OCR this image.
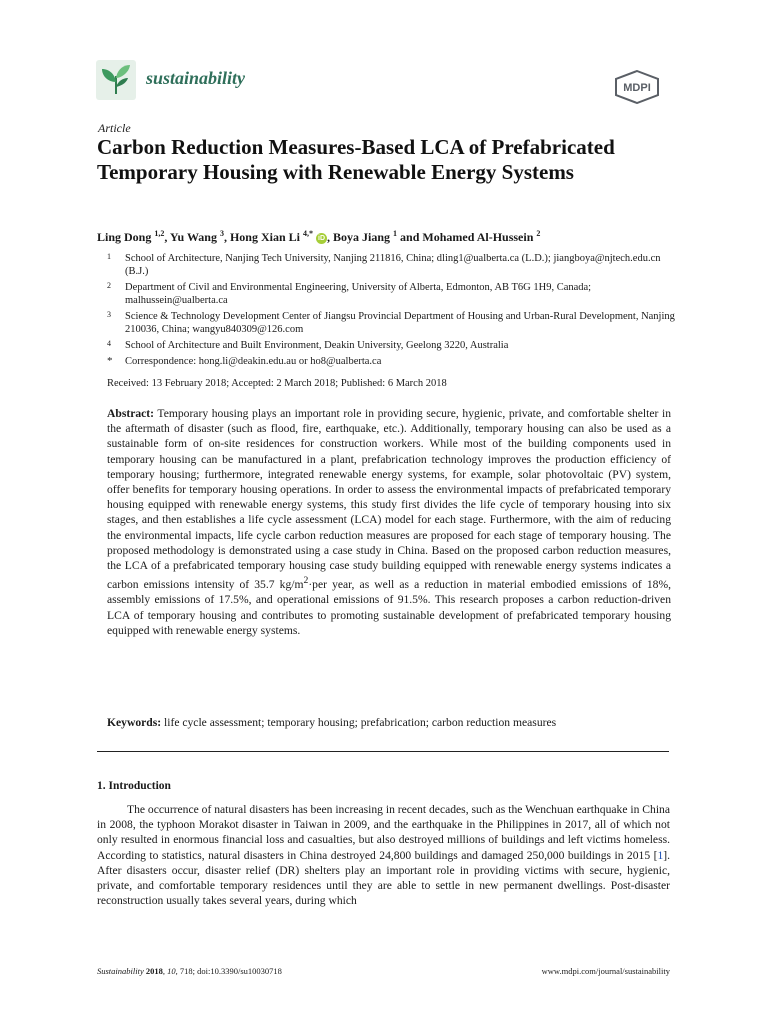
sustainability	MDPI
Article
Carbon Reduction Measures-Based LCA of Prefabricated Temporary Housing with Renewable Energy Systems
Ling Dong $^{1,2}$, Yu Wang $^3$, Hong Xian Li $^{4,*}$ iD , Boya Jiang $^1$ and Mohamed Al-Hussein $^2$
1 School of Architecture, Nanjing Tech University, Nanjing 211816, China; dling1@ualberta.ca (L.D.); jiangboya@njtech.edu.cn (B.J.)
2 Department of Civil and Environmental Engineering, University of Alberta, Edmonton, AB T6G 1H9, Canada; malhussein@ualberta.ca
3 Science & Technology Development Center of Jiangsu Provincial Department of Housing and Urban-Rural Development, Nanjing 210036, China; wangyu840309@126.com
4 School of Architecture and Built Environment, Deakin University, Geelong 3220, Australia
* Correspondence: hong.li@deakin.edu.au or ho8@ualberta.ca
Received: 13 February 2018; Accepted: 2 March 2018; Published: 6 March 2018
Abstract: Temporary housing plays an important role in providing secure, hygienic, private, and comfortable shelter in the aftermath of disaster (such as flood, fire, earthquake, etc.). Additionally, temporary housing can also be used as a sustainable form of on-site residences for construction workers. While most of the building components used in temporary housing can be manufactured in a plant, prefabrication technology improves the production efficiency of temporary housing; furthermore, integrated renewable energy systems, for example, solar photovoltaic (PV) system, offer benefits for temporary housing operations. In order to assess the environmental impacts of prefabricated temporary housing equipped with renewable energy systems, this study first divides the life cycle of temporary housing into six stages, and then establishes a life cycle assessment (LCA) model for each stage. Furthermore, with the aim of reducing the environmental impacts, life cycle carbon reduction measures are proposed for each stage of temporary housing. The proposed methodology is demonstrated using a case study in China. Based on the proposed carbon reduction measures, the LCA of a prefabricated temporary housing case study building equipped with renewable energy systems indicates a carbon emissions intensity of 35.7 $kg/m^2\cdot per$ year, as well as a reduction in material embodied emissions of 18%, assembly emissions of 17.5%, and operational emissions of 91.5%. This research proposes a carbon reduction-driven LCA of temporary housing and contributes to promoting sustainable development of prefabricated temporary housing equipped with renewable energy systems.
Keywords: life cycle assessment; temporary housing; prefabrication; carbon reduction measures
1. Introduction
The occurrence of natural disasters has been increasing in recent decades, such as the Wenchuan earthquake in China in 2008, the typhoon Morakot disaster in Taiwan in 2009, and the earthquake in the Philippines in 2017, all of which not only resulted in enormous financial loss and casualties, but also destroyed millions of buildings and left victims homeless. According to statistics, natural disasters in China destroyed 24,800 buildings and damaged 250,000 buildings in 2015 [1]. After disasters occur, disaster relief (DR) shelters play an important role in providing victims with secure, hygienic, private, and comfortable temporary residences until they are able to settle in new permanent dwellings. Post-disaster reconstruction usually takes several years, during which
Sustainability 2018, 10, 718; doi:10.3390/su10030718	www.mdpi.com/journal/sustainability
